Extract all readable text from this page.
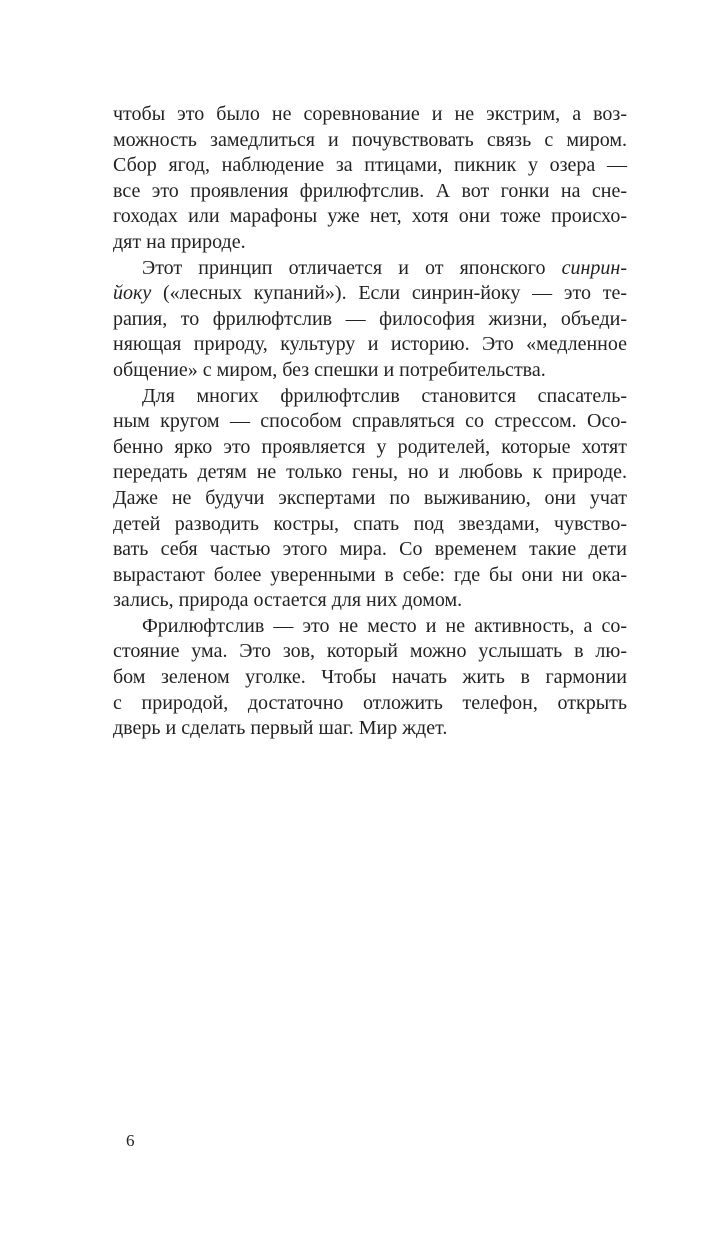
чтобы это было не соревнование и не экстрим, а воз-
можность замедлиться и почувствовать связь с миром.
Сбор ягод, наблюдение за птицами, пикник у озера —
все это проявления фрилюфтслив. А вот гонки на сне-
гоходах или марафоны уже нет, хотя они тоже происхо-
дят на природе.
Этот принцип отличается и от японского синрин-
йоку («лесных купаний»). Если синрин-йоку — это те-
рапия, то фрилюфтслив — философия жизни, объеди-
няющая природу, культуру и историю. Это «медленное
общение» с миром, без спешки и потребительства.
Для многих фрилюфтслив становится спасатель-
ным кругом — способом справляться со стрессом. Осо-
бенно ярко это проявляется у родителей, которые хотят
передать детям не только гены, но и любовь к природе.
Даже не будучи экспертами по выживанию, они учат
детей разводить костры, спать под звездами, чувство-
вать себя частью этого мира. Со временем такие дети
вырастают более уверенными в себе: где бы они ни ока-
зались, природа остается для них домом.
Фрилюфтслив — это не место и не активность, а со-
стояние ума. Это зов, который можно услышать в лю-
бом зеленом уголке. Чтобы начать жить в гармонии
с природой, достаточно отложить телефон, открыть
дверь и сделать первый шаг. Мир ждет.
6
